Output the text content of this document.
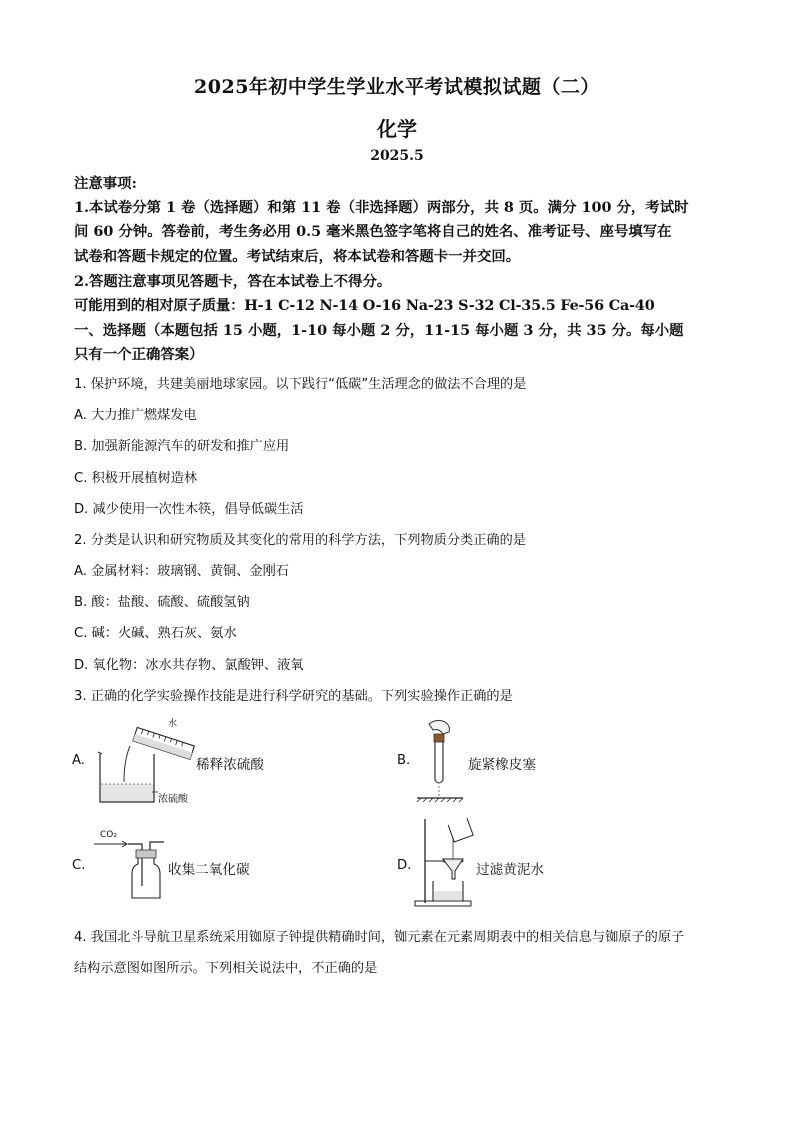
2025年初中学生学业水平考试模拟试题（二）
化学
2025.5
注意事项:
1.本试卷分第 1 卷（选择题）和第 11 卷（非选择题）两部分，共 8 页。满分 100 分，考试时
间 60 分钟。答卷前，考生务必用 0.5 毫米黑色签字笔将自己的姓名、准考证号、座号填写在
试卷和答题卡规定的位置。考试结束后，将本试卷和答题卡一并交回。
2.答题注意事项见答题卡，答在本试卷上不得分。
可能用到的相对原子质量：H-1 C-12 N-14 O-16 Na-23 S-32 Cl-35.5 Fe-56 Ca-40
一、选择题（本题包括 15 小题，1-10 每小题 2 分，11-15 每小题 3 分，共 35 分。每小题
只有一个正确答案）
1. 保护环境，共建美丽地球家园。以下践行“低碳”生活理念的做法不合理的是
A. 大力推广燃煤发电
B. 加强新能源汽车的研发和推广应用
C. 积极开展植树造林
D. 减少使用一次性木筷，倡导低碳生活
2. 分类是认识和研究物质及其变化的常用的科学方法，下列物质分类正确的是
A. 金属材料：玻璃钢、黄铜、金刚石
B. 酸：盐酸、硫酸、硫酸氢钠
C. 碱：火碱、熟石灰、氨水
D. 氧化物：冰水共存物、氯酸钾、液氧
3. 正确的化学实验操作技能是进行科学研究的基础。下列实验操作正确的是
A.
水
浓硫酸
稀释浓硫酸	B.	旋紧橡皮塞
C.
CO₂
收集二氧化碳	D.	过滤黄泥水
4. 我国北斗导航卫星系统采用铷原子钟提供精确时间，铷元素在元素周期表中的相关信息与铷原子的原子
结构示意图如图所示。下列相关说法中，不正确的是
